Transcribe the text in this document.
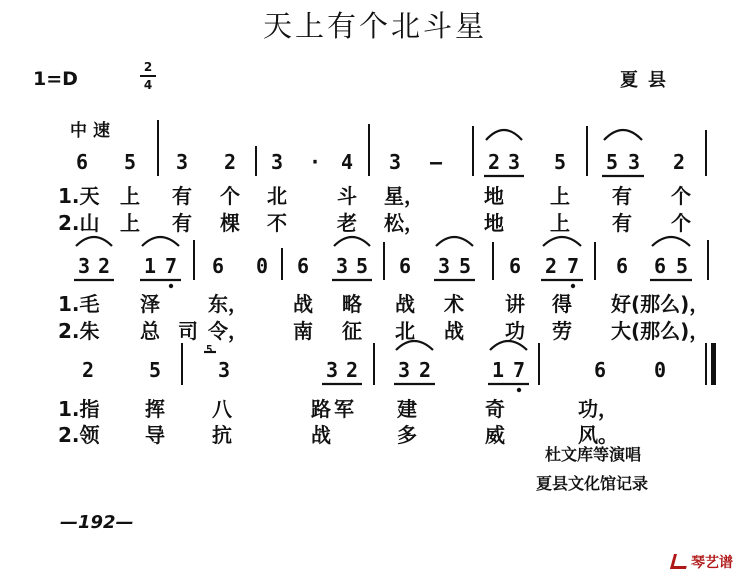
天上有个北斗星
1=D
2
4	夏县
中速
6 5 3 2 3 · 4 3 — 2 3 5 5 3 2
1.天 上 有 个 北	斗 星，	地 上 有 个
2.山 上 有 棵 不	老 松，	地 上 有 个
3 2 1 7 6 0 6 3 5 6 3 5 6 2 7 6 6 5
1.毛 泽 东， 战 略 战 术 讲 得 好(那么)，
2.朱 总 司 令， 南 征 北 战 功 劳 大(那么)，
2	5
5
3	3 2 3 2	1 7	6 0
1.指 挥 八	路 军 建	奇	功，
2.领 导 抗	战	多	威	风。
杜文库等演唱
夏县文化馆记录
—192—
琴艺谱
